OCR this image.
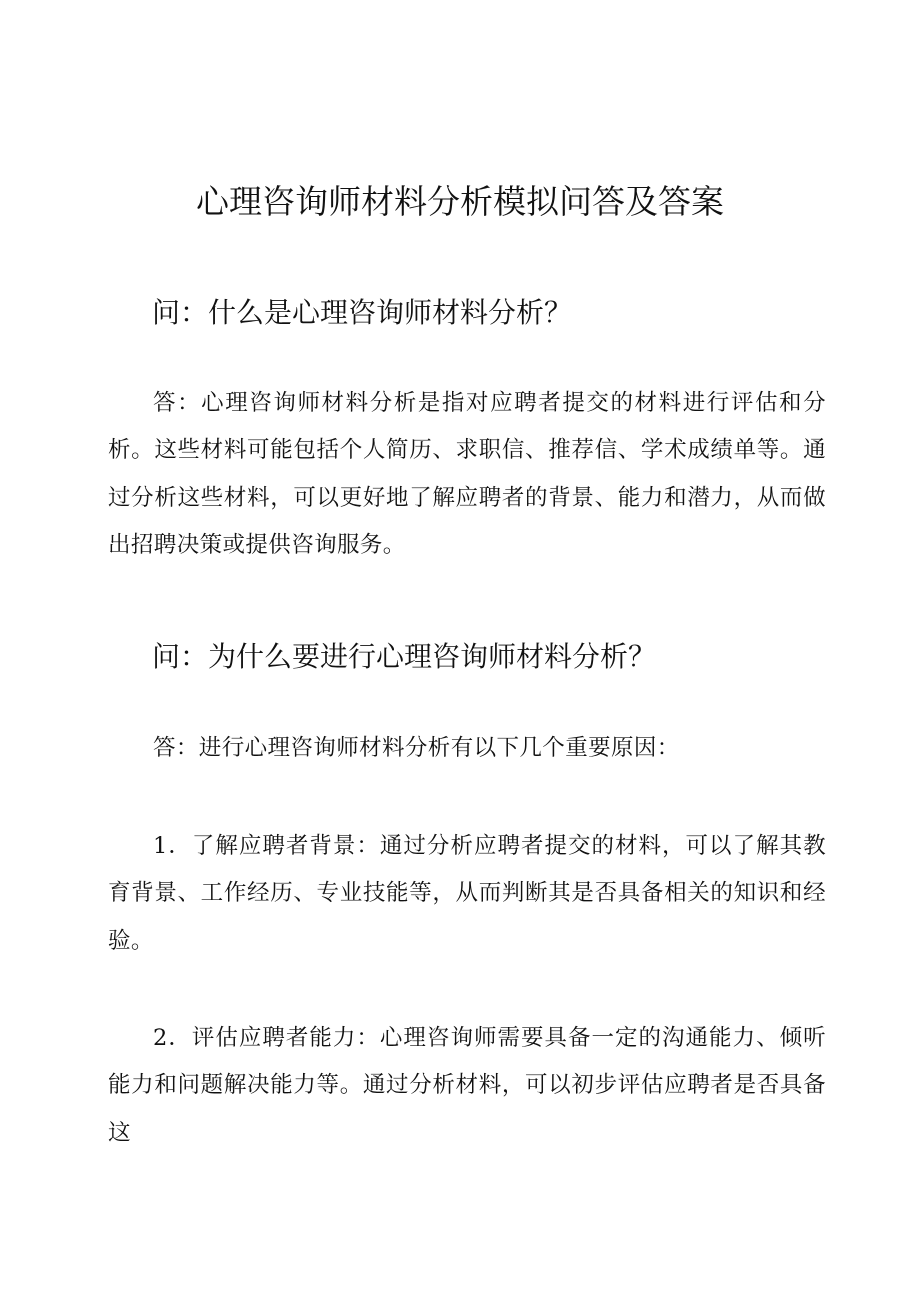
心理咨询师材料分析模拟问答及答案

问：什么是心理咨询师材料分析？

答：心理咨询师材料分析是指对应聘者提交的材料进行评估和分析。这些材料可能包括个人简历、求职信、推荐信、学术成绩单等。通过分析这些材料，可以更好地了解应聘者的背景、能力和潜力，从而做出招聘决策或提供咨询服务。

问：为什么要进行心理咨询师材料分析？

答：进行心理咨询师材料分析有以下几个重要原因：

1．了解应聘者背景：通过分析应聘者提交的材料，可以了解其教育背景、工作经历、专业技能等，从而判断其是否具备相关的知识和经验。

2．评估应聘者能力：心理咨询师需要具备一定的沟通能力、倾听能力和问题解决能力等。通过分析材料，可以初步评估应聘者是否具备这
